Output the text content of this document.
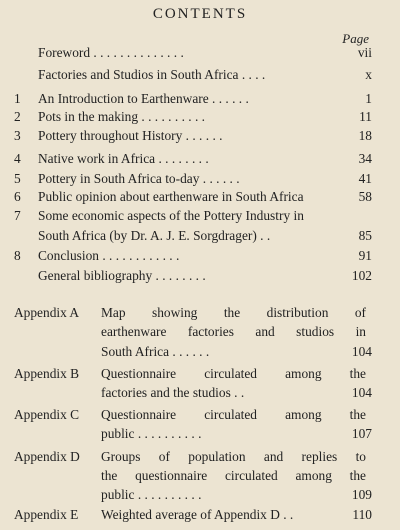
CONTENTS
Page
Foreword . . . . . . . . . . . . . .	vii
Factories and Studios in South Africa . . . .	x
1 An Introduction to Earthenware . . . . . .	1
2 Pots in the making . . . . . . . . . .	11
3 Pottery throughout History . . . . . .	18
4 Native work in Africa . . . . . . . .	34
5 Pottery in South Africa to-day . . . . . .	41
6 Public opinion about earthenware in South Africa	58
7 Some economic aspects of the Pottery Industry in
South Africa (by Dr. A. J. E. Sorgdrager) . .	85
8 Conclusion . . . . . . . . . . . .	91
General bibliography . . . . . . . .	102
Appendix A Map showing the distribution of
earthenware factories and studios in
South Africa . . . . . .	104
Appendix B Questionnaire circulated among the
factories and the studios . .	104
Appendix C Questionnaire circulated among the
public . . . . . . . . . .	107
Appendix D Groups of population and replies to
the questionnaire circulated among the
public . . . . . . . . . .	109
Appendix E Weighted average of Appendix D . .	110
